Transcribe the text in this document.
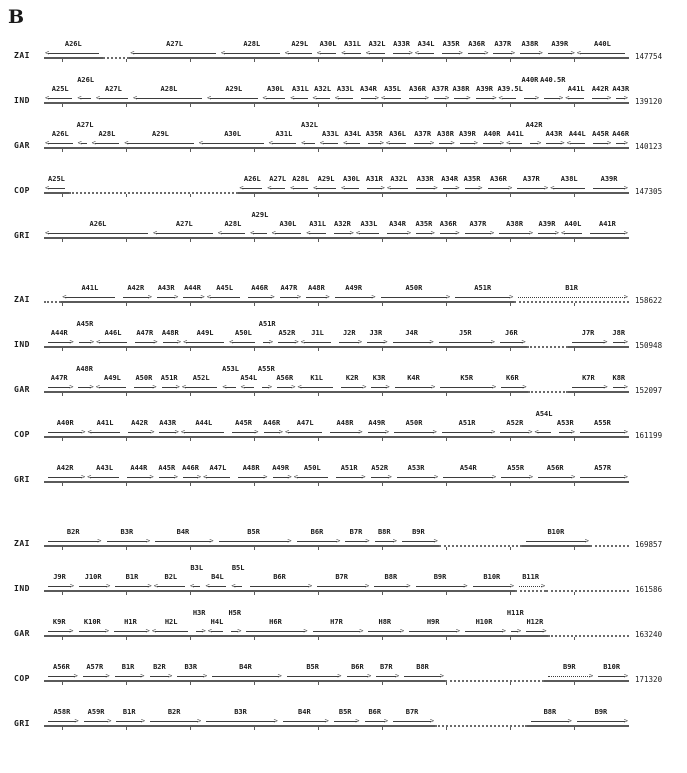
B
ZAI
A26L
<	A27L
<	A28L
<	A29L
<	A30L
<	A31L
<	A32L
<	A33R
>	A34L
<	A35R
>	A36R
>	A37R
>	A38R
>	A39R
>	A40L
<
147754
IND
A25L
<
A26L
<
A27L
<	A28L
<	A29L
<	A30L
<	A31L
< A32L
< A33L
< A34R
>	A35L
<	A36R
> A37R
> A38R
> A39R
> A39.5L
<
A40R
> A40.5R
>
A41L
<	A42R
> A43R
>
139120
GAR
A26L
<
A27L
<
A28L
<	A29L
<	A30L
<	A31L
<
A32L
<
A33L
< A34L
< A35R
> A36L
<	A37R
> A38R
> A39R
>	A40R
> A41L
<
A42R
>
A43R
> A44L
< A45R
> A46R
>
140123
COP
A25L
<	A26L
<	A27L
< A28L
<	A29L
<	A30L
< A31R
>	A32L
<	A33R
>	A34R
> A35R
>	A36R
>	A37R
>	A38L
<	A39R
>
147305
GRI
A26L
<	A27L
<	A28L
<
A29L
<
A30L
<	A31L
<	A32R
>	A33L
<	A34R
>	A35R
>	A36R
>	A37R
>	A38R
>	A39R
>	A40L
<	A41R
>
ZAI
A41L
<	A42R
>	A43R
>	A44R
>	A45L
<	A46R
>	A47R
>	A48R
>	A49R
>	A50R
>	A51R
>	B1R
>
158622
IND
A44R
>
A45R
>
A46L
<	A47R
>	A48R
>	A49L
<	A50L
<
A51R
>
A52R
>	J1L
<	J2R
>	J3R
>	J4R
>	J5R
>	J6R
>	J7R
>	J8R
>
150948
GAR
A47R
>
A48R
>
A49L
<	A50R
>	A51R
>	A52L
<
A53L
<
A54L
<
A55R
>
A56R
>	K1L
<	K2R
>	K3R
>	K4R
>	K5R
>	K6R
>	K7R
>	K8R
>
152097
COP
A40R
>	A41L
<	A42R
>	A43R
>	A44L
<	A45R
>	A46R
>	A47L
<	A48R
>	A49R
>	A50R
>	A51R
>	A52R
>
A54L
<
A53R
>	A55R
>
161199
GRI
A42R
>	A43L
<	A44R
>	A45R
> A46R
>	A47L
<	A48R
>	A49R
>	A50L
<	A51R
>	A52R
>	A53R
>	A54R
>	A55R
>	A56R
>	A57R
>
ZAI
B2R
>	B3R
>	B4R
>	B5R
>	B6R
>	B7R
>	B8R
>	B9R
>	B10R
>
169857
IND
J9R
>	J10R
>	B1R
>	B2L
<
B3L
<
B4L
<
B5L
<
B6R
>	B7R
>	B8R
>	B9R
>	B10R
>	B11R
>
161586
GAR
K9R
>	K10R
>	H1R
>	H2L
<
H3R
>
H4L
<
H5R
>
H6R
>	H7R
>	H8R
>	H9R
>	H10R
>
H11R
>
H12R
>
163240
COP
A56R
>	A57R
>	B1R
>	B2R
>	B3R
>	B4R
>	B5R
>	B6R
>	B7R
>	B8R
>	B9R
>	B10R
>
171320
GRI
A58R
>	A59R
>	B1R
>	B2R
>	B3R
>	B4R
>	B5R
>	B6R
>	B7R
>	B8R
>	B9R
>
